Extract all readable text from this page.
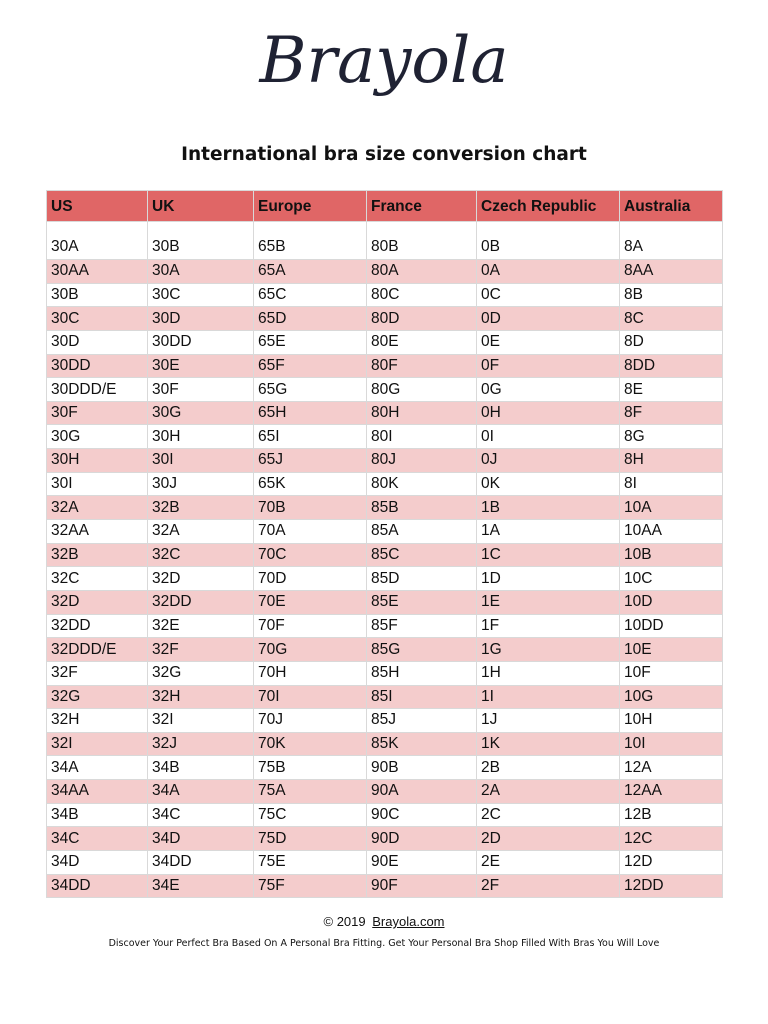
Brayola
International bra size conversion chart
US	UK	Europe	France	Czech Republic	Australia
30A	30B	65B	80B	0B	8A
30AA	30A	65A	80A	0A	8AA
30B	30C	65C	80C	0C	8B
30C	30D	65D	80D	0D	8C
30D	30DD	65E	80E	0E	8D
30DD	30E	65F	80F	0F	8DD
30DDD/E	30F	65G	80G	0G	8E
30F	30G	65H	80H	0H	8F
30G	30H	65I	80I	0I	8G
30H	30I	65J	80J	0J	8H
30I	30J	65K	80K	0K	8I
32A	32B	70B	85B	1B	10A
32AA	32A	70A	85A	1A	10AA
32B	32C	70C	85C	1C	10B
32C	32D	70D	85D	1D	10C
32D	32DD	70E	85E	1E	10D
32DD	32E	70F	85F	1F	10DD
32DDD/E	32F	70G	85G	1G	10E
32F	32G	70H	85H	1H	10F
32G	32H	70I	85I	1I	10G
32H	32I	70J	85J	1J	10H
32I	32J	70K	85K	1K	10I
34A	34B	75B	90B	2B	12A
34AA	34A	75A	90A	2A	12AA
34B	34C	75C	90C	2C	12B
34C	34D	75D	90D	2D	12C
34D	34DD	75E	90E	2E	12D
34DD	34E	75F	90F	2F	12DD
© 2019 Brayola.com
Discover Your Perfect Bra Based On A Personal Bra Fitting. Get Your Personal Bra Shop Filled With Bras You Will Love
